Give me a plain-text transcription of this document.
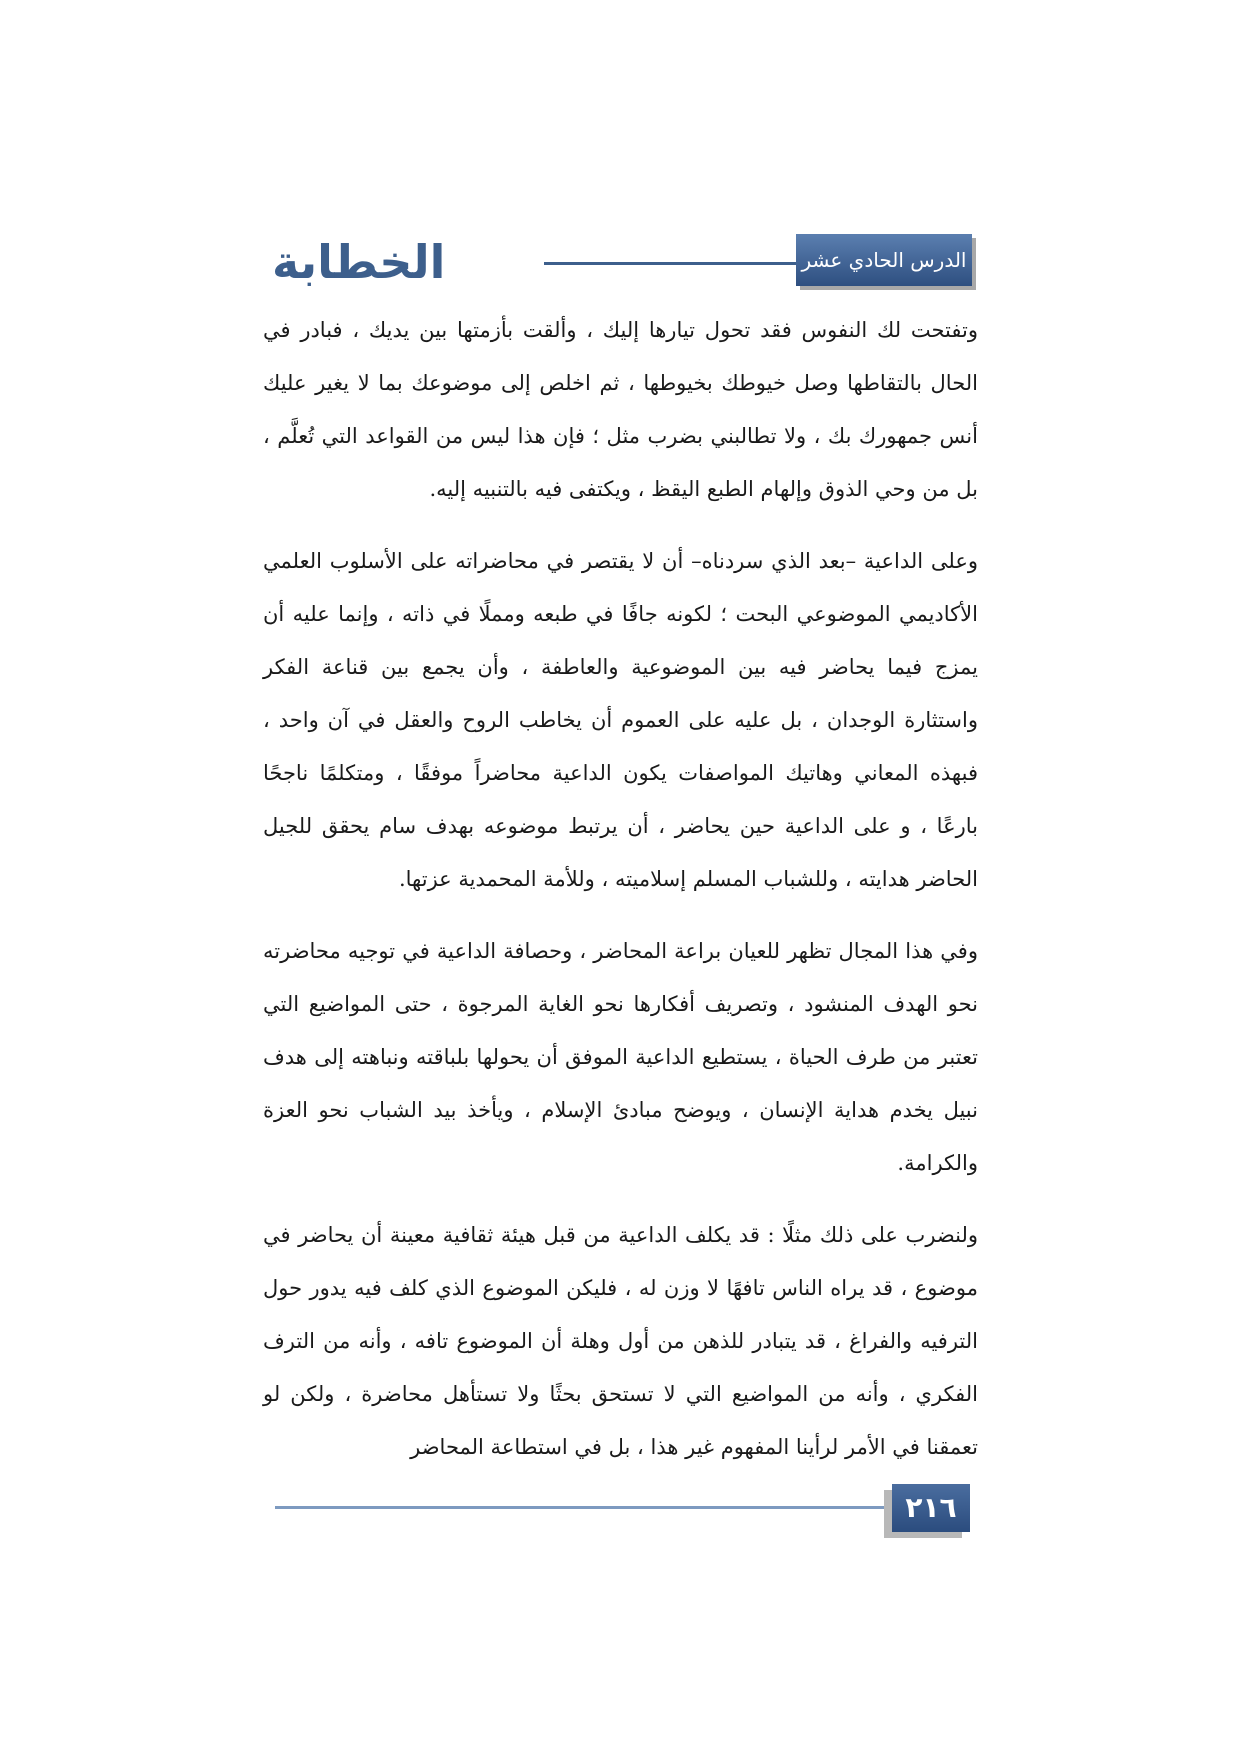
الخطابة	الدرس الحادي عشر

وتفتحت لك النفوس فقد تحول تيارها إليك ، وألقت بأزمتها بين يديك ، فبادر في الحال بالتقاطها وصل خيوطك بخيوطها ، ثم اخلص إلى موضوعك بما لا يغير عليك أنس جمهورك بك ، ولا تطالبني بضرب مثل ؛ فإن هذا ليس من القواعد التي تُعلَّم ، بل من وحي الذوق وإلهام الطبع اليقظ ، ويكتفى فيه بالتنبيه إليه.

وعلى الداعية –بعد الذي سردناه– أن لا يقتصر في محاضراته على الأسلوب العلمي الأكاديمي الموضوعي البحت ؛ لكونه جافًا في طبعه ومملًا في ذاته ، وإنما عليه أن يمزج فيما يحاضر فيه بين الموضوعية والعاطفة ، وأن يجمع بين قناعة الفكر واستثارة الوجدان ، بل عليه على العموم أن يخاطب الروح والعقل في آن واحد ، فبهذه المعاني وهاتيك المواصفات يكون الداعية محاضراً موفقًا ، ومتكلمًا ناجحًا بارعًا ، و على الداعية حين يحاضر ، أن يرتبط موضوعه بهدف سام يحقق للجيل الحاضر هدايته ، وللشباب المسلم إسلاميته ، وللأمة المحمدية عزتها.

وفي هذا المجال تظهر للعيان براعة المحاضر ، وحصافة الداعية في توجيه محاضرته نحو الهدف المنشود ، وتصريف أفكارها نحو الغاية المرجوة ، حتى المواضيع التي تعتبر من طرف الحياة ، يستطيع الداعية الموفق أن يحولها بلباقته ونباهته إلى هدف نبيل يخدم هداية الإنسان ، ويوضح مبادئ الإسلام ، ويأخذ بيد الشباب نحو العزة والكرامة.

ولنضرب على ذلك مثلًا : قد يكلف الداعية من قبل هيئة ثقافية معينة أن يحاضر في موضوع ، قد يراه الناس تافهًا لا وزن له ، فليكن الموضوع الذي كلف فيه يدور حول الترفيه والفراغ ، قد يتبادر للذهن من أول وهلة أن الموضوع تافه ، وأنه من الترف الفكري ، وأنه من المواضيع التي لا تستحق بحثًا ولا تستأهل محاضرة ، ولكن لو تعمقنا في الأمر لرأينا المفهوم غير هذا ، بل في استطاعة المحاضر

٢١٦
